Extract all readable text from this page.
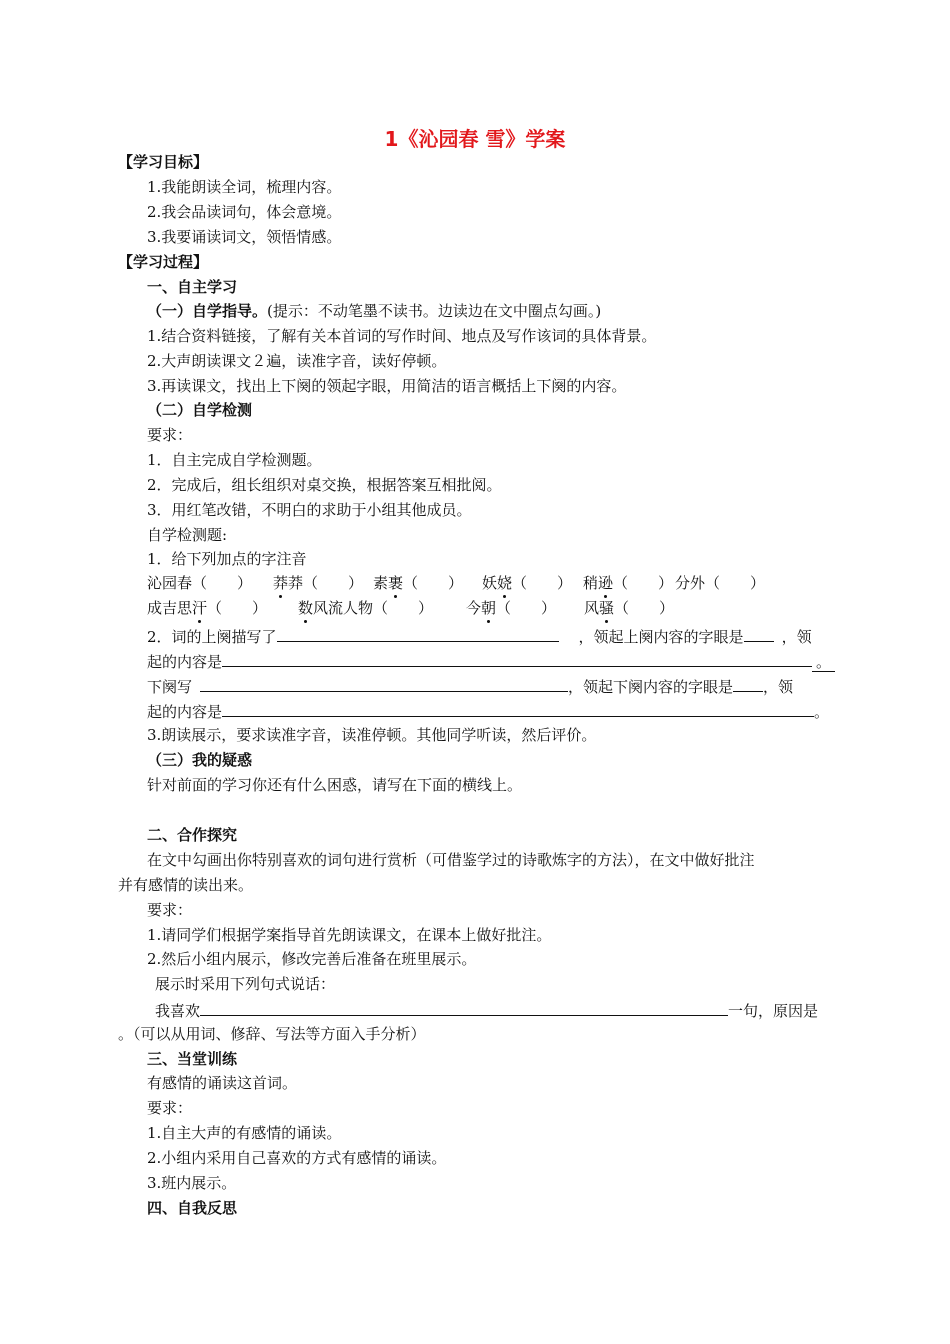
1《沁园春 雪》学案
【学习目标】
1.我能朗读全词，梳理内容。
2.我会品读词句，体会意境。
3.我要诵读词文，领悟情感。
【学习过程】
一、自主学习
（一）自学指导。(提示：不动笔墨不读书。边读边在文中圈点勾画。)
1.结合资料链接，了解有关本首词的写作时间、地点及写作该词的具体背景。
2.大声朗读课文２遍，读准字音，读好停顿。
3.再读课文，找出上下阕的领起字眼，用简洁的语言概括上下阕的内容。
（二）自学检测
要求：
1．自主完成自学检测题。
2．完成后，组长组织对桌交换，根据答案互相批阅。
3．用红笔改错，不明白的求助于小组其他成员。
自学检测题:
1．给下列加点的字注音
沁园春（　　） 莽莽（　　） 素裹（　　） 妖娆（　　） 稍逊（　　） 分外（　　）
成吉思汗（　　） 数风流人物（　　） 今朝（　　） 风骚（　　）
2．词的上阕描写了	，领起上阕内容的字眼是	，领
起的内容是	。
下阕写	，领起下阕内容的字眼是 ，领
起的内容是	。
3.朗读展示，要求读准字音，读准停顿。其他同学听读，然后评价。
（三）我的疑惑
针对前面的学习你还有什么困惑，请写在下面的横线上。
二、合作探究
在文中勾画出你特别喜欢的词句进行赏析（可借鉴学过的诗歌炼字的方法），在文中做好批注
并有感情的读出来。
要求：
1.请同学们根据学案指导首先朗读课文，在课本上做好批注。
2.然后小组内展示，修改完善后准备在班里展示。
展示时采用下列句式说话：
我喜欢	一句，原因是
。（可以从用词、修辞、写法等方面入手分析）
三、当堂训练
有感情的诵读这首词。
要求：
1.自主大声的有感情的诵读。
2.小组内采用自己喜欢的方式有感情的诵读。
3.班内展示。
四、自我反思
